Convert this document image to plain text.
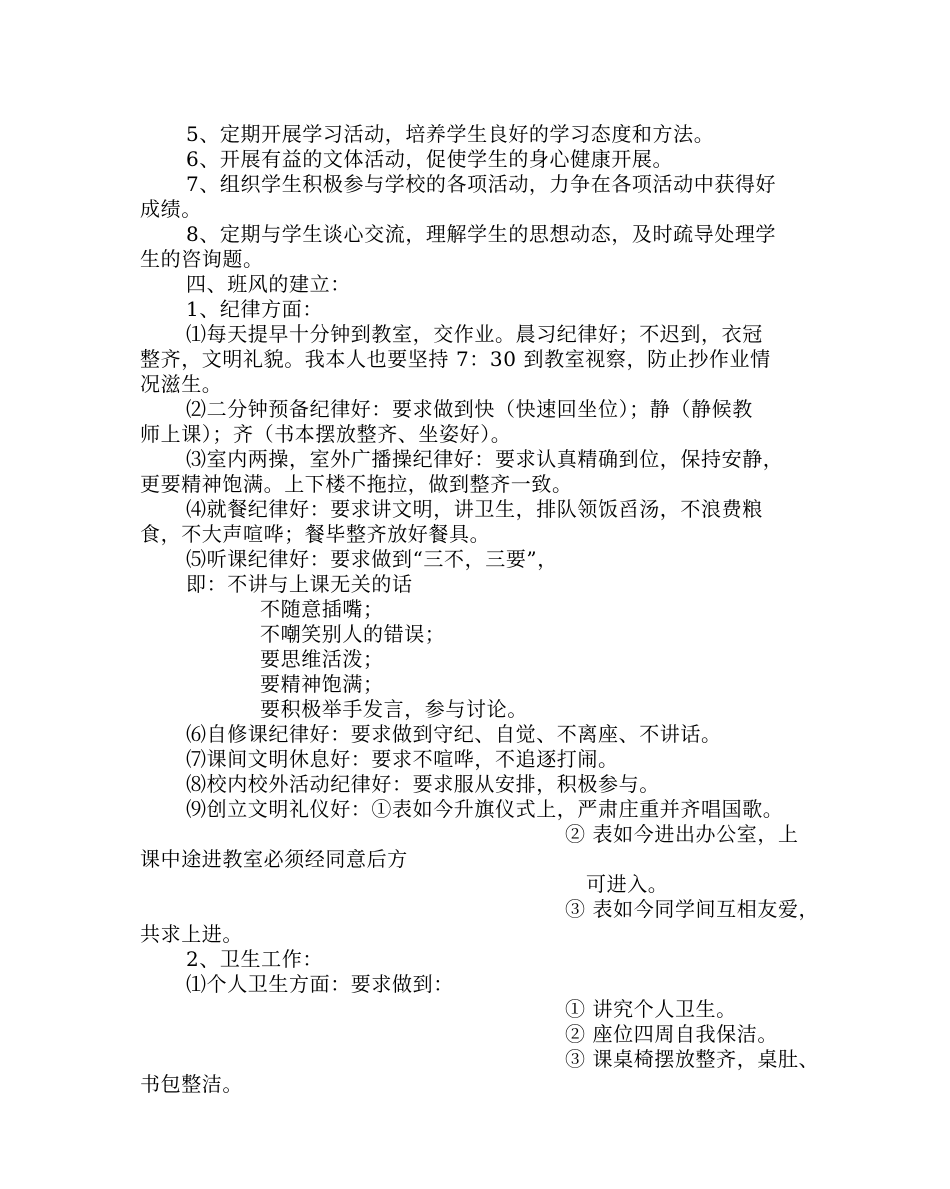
5、定期开展学习活动，培养学生良好的学习态度和方法。

6、开展有益的文体活动，促使学生的身心健康开展。

7、组织学生积极参与学校的各项活动，力争在各项活动中获得好

成绩。

8、定期与学生谈心交流，理解学生的思想动态，及时疏导处理学

生的咨询题。

四、班风的建立：

1、纪律方面：

⑴每天提早十分钟到教室，交作业。晨习纪律好；不迟到，衣冠

整齐，文明礼貌。我本人也要坚持 7：30 到教室视察，防止抄作业情

况滋生。

⑵二分钟预备纪律好：要求做到快（快速回坐位）；静（静候教

师上课）；齐（书本摆放整齐、坐姿好）。

⑶室内两操，室外广播操纪律好：要求认真精确到位，保持安静，

更要精神饱满。上下楼不拖拉，做到整齐一致。

⑷就餐纪律好：要求讲文明，讲卫生，排队领饭舀汤，不浪费粮

食，不大声喧哗；餐毕整齐放好餐具。

⑸听课纪律好：要求做到“三不，三要”，

即：不讲与上课无关的话

不随意插嘴；

不嘲笑别人的错误；

要思维活泼；

要精神饱满；

要积极举手发言，参与讨论。

⑹自修课纪律好：要求做到守纪、自觉、不离座、不讲话。

⑺课间文明休息好：要求不喧哗，不追逐打闹。

⑻校内校外活动纪律好：要求服从安排，积极参与。

⑼创立文明礼仪好：①表如今升旗仪式上，严肃庄重并齐唱国歌。

② 表如今进出办公室，上

课中途进教室必须经同意后方

可进入。

③ 表如今同学间互相友爱，

共求上进。

2、卫生工作：

⑴个人卫生方面：要求做到：

① 讲究个人卫生。

② 座位四周自我保洁。

③ 课桌椅摆放整齐，桌肚、

书包整洁。
